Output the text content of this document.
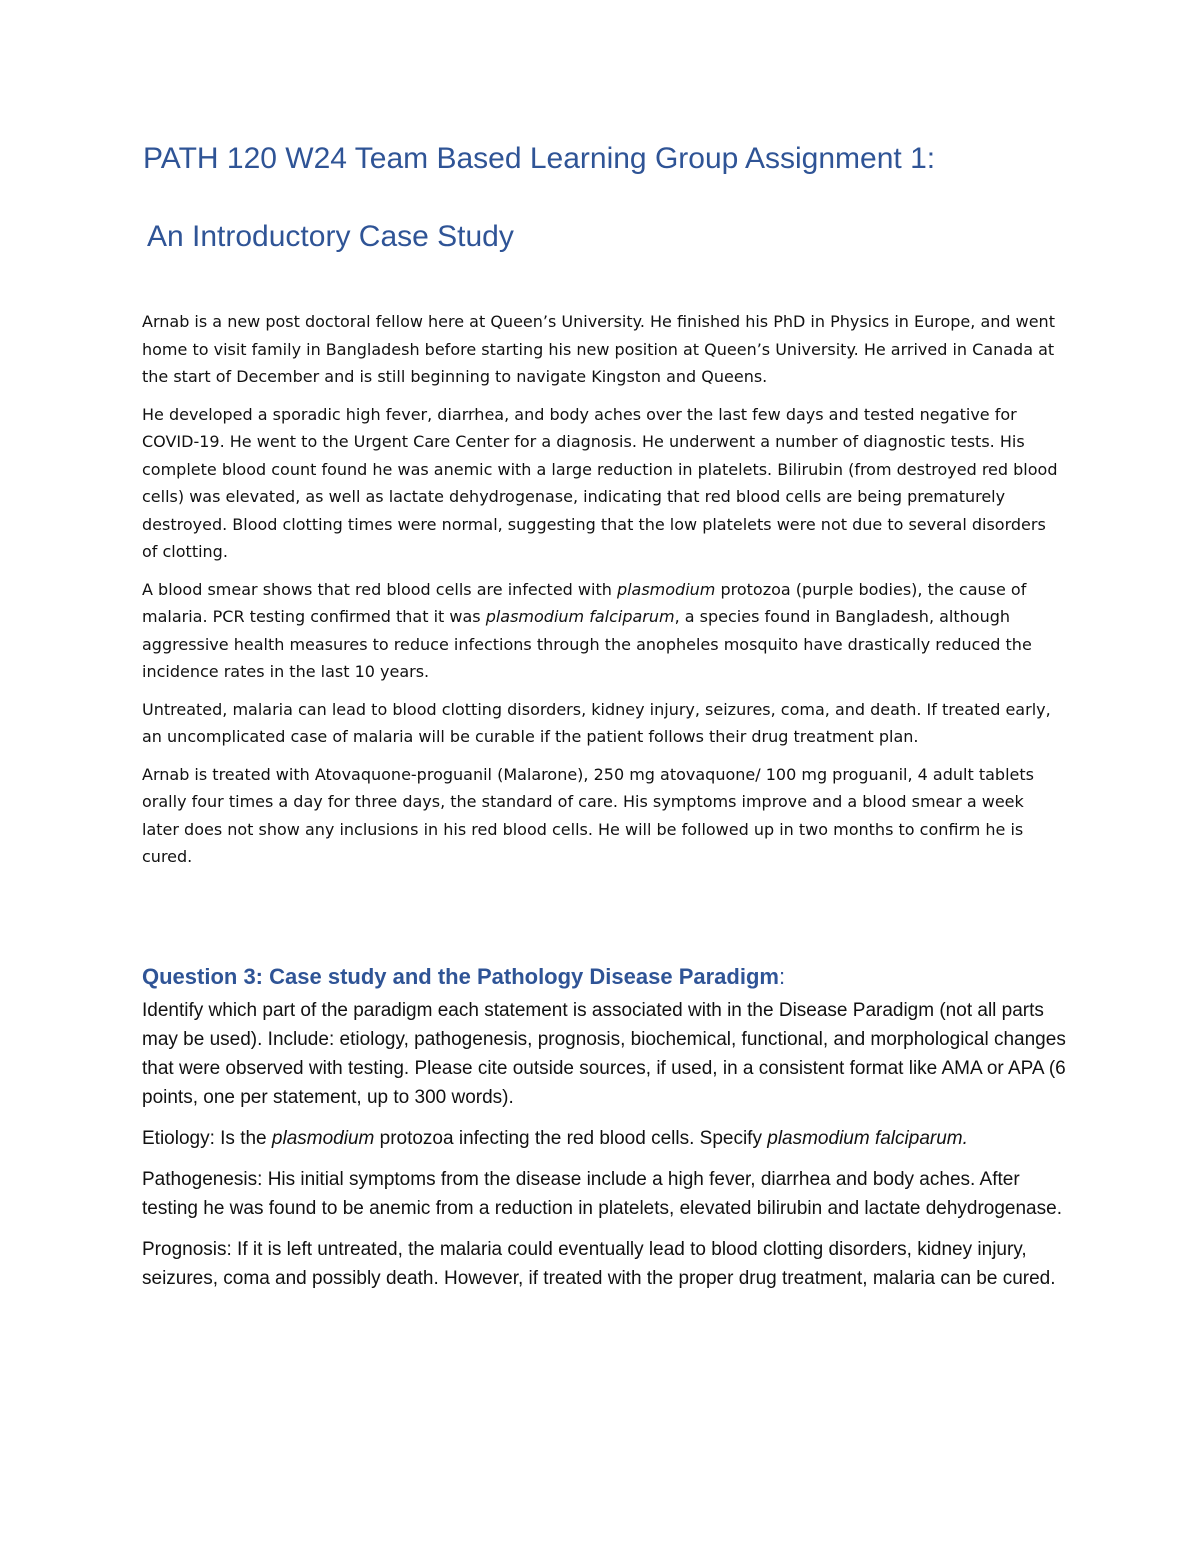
PATH 120 W24 Team Based Learning Group Assignment 1:
An Introductory Case Study

Arnab is a new post doctoral fellow here at Queen’s University. He finished his PhD in Physics in Europe, and went home to visit family in Bangladesh before starting his new position at Queen’s University. He arrived in Canada at the start of December and is still beginning to navigate Kingston and Queens.

He developed a sporadic high fever, diarrhea, and body aches over the last few days and tested negative for COVID-19. He went to the Urgent Care Center for a diagnosis. He underwent a number of diagnostic tests. His complete blood count found he was anemic with a large reduction in platelets. Bilirubin (from destroyed red blood cells) was elevated, as well as lactate dehydrogenase, indicating that red blood cells are being prematurely destroyed. Blood clotting times were normal, suggesting that the low platelets were not due to several disorders of clotting.

A blood smear shows that red blood cells are infected with plasmodium protozoa (purple bodies), the cause of malaria. PCR testing confirmed that it was plasmodium falciparum, a species found in Bangladesh, although aggressive health measures to reduce infections through the anopheles mosquito have drastically reduced the incidence rates in the last 10 years.

Untreated, malaria can lead to blood clotting disorders, kidney injury, seizures, coma, and death. If treated early, an uncomplicated case of malaria will be curable if the patient follows their drug treatment plan.

Arnab is treated with Atovaquone-proguanil (Malarone), 250 mg atovaquone/ 100 mg proguanil, 4 adult tablets orally four times a day for three days, the standard of care. His symptoms improve and a blood smear a week later does not show any inclusions in his red blood cells. He will be followed up in two months to confirm he is cured.

Question 3: Case study and the Pathology Disease Paradigm:

Identify which part of the paradigm each statement is associated with in the Disease Paradigm (not all parts may be used). Include: etiology, pathogenesis, prognosis, biochemical, functional, and morphological changes that were observed with testing. Please cite outside sources, if used, in a consistent format like AMA or APA (6 points, one per statement, up to 300 words).

Etiology: Is the plasmodium protozoa infecting the red blood cells. Specify plasmodium falciparum.

Pathogenesis: His initial symptoms from the disease include a high fever, diarrhea and body aches. After testing he was found to be anemic from a reduction in platelets, elevated bilirubin and lactate dehydrogenase.

Prognosis: If it is left untreated, the malaria could eventually lead to blood clotting disorders, kidney injury, seizures, coma and possibly death. However, if treated with the proper drug treatment, malaria can be cured.
